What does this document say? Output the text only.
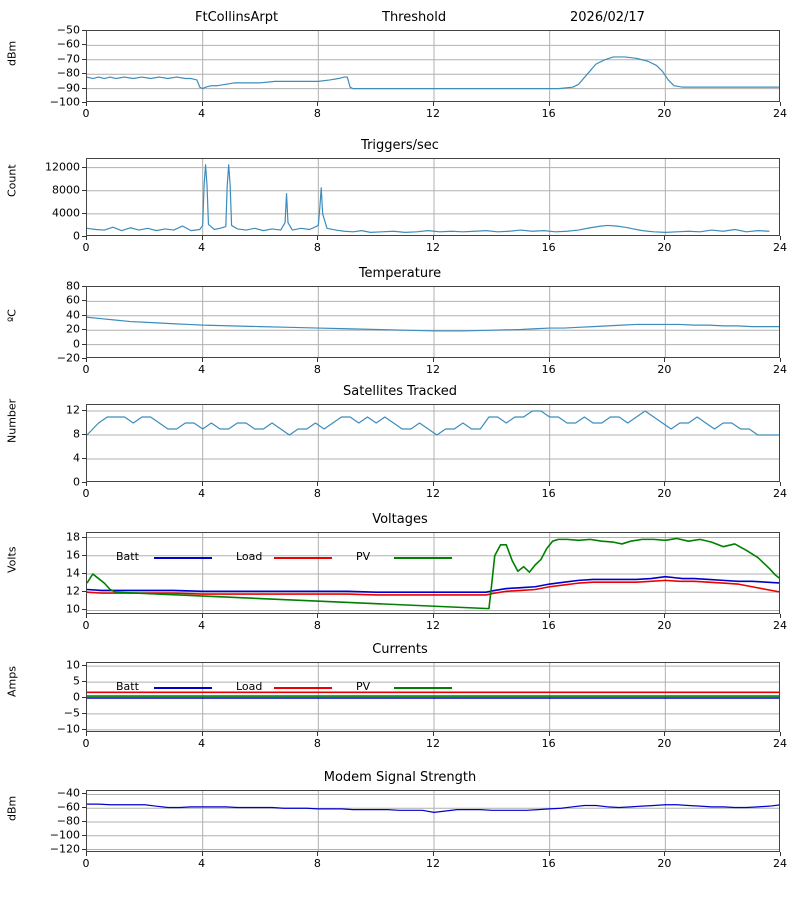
FtCollinsArpt	Threshold	2026/02/17
−100
−90
−80
−70
−60
−50
0	4	8	12	16	20	24
dBm
Triggers/sec
0
4000
8000
12000
0	4	8	12	16	20	24
Count
Temperature
−20
0
20
40
60
80
0	4	8	12	16	20	24
ºC
Satellites Tracked
0
4
8
12
0	4	8	12	16	20	24
Number
Voltages
10
12
14
16
18
0	4	8	12	16	20	24
Volts	Batt	Load	PV
Currents
−10
−5
0
5
10
0	4	8	12	16	20	24
Amps	Batt	Load	PV
Modem Signal Strength
−120
−100
−80
−60
−40
0	4	8	12	16	20	24
dBm
